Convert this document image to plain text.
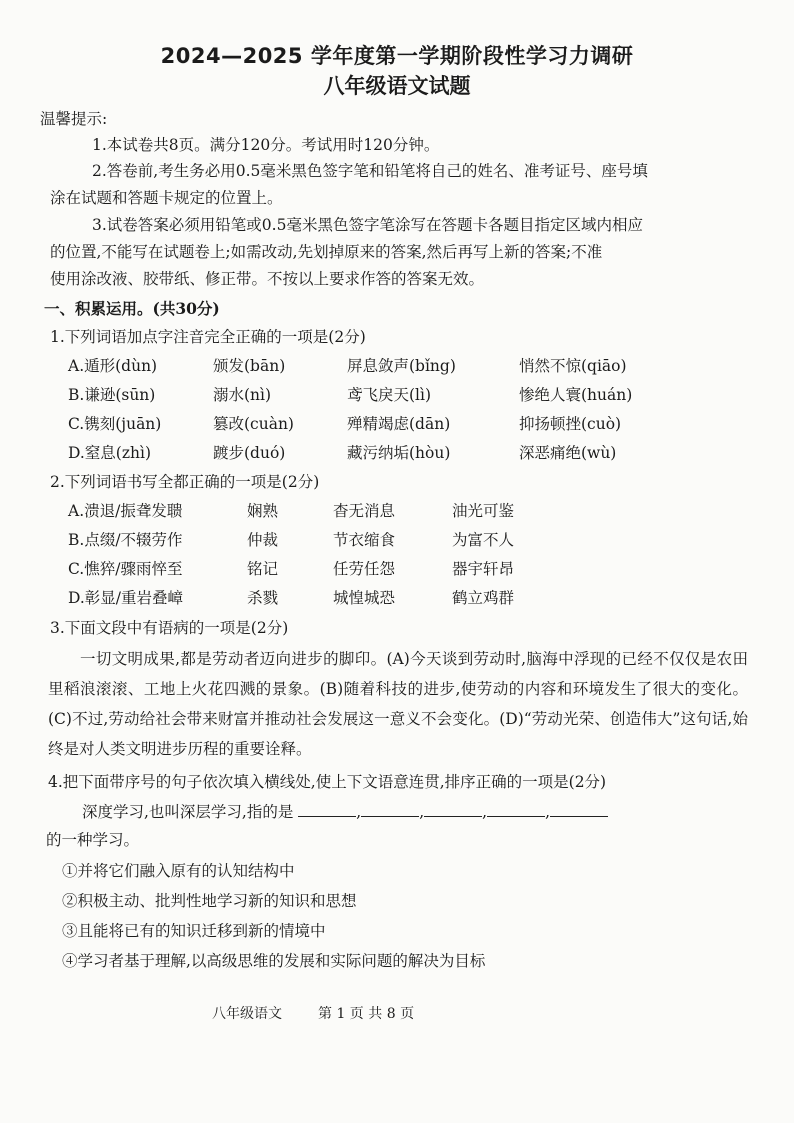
2024—2025 学年度第一学期阶段性学习力调研
八年级语文试题
温馨提示:
1.本试卷共8页。满分120分。考试用时120分钟。
2.答卷前,考生务必用0.5毫米黑色签字笔和铅笔将自己的姓名、准考证号、座号填
涂在试题和答题卡规定的位置上。
3.试卷答案必须用铅笔或0.5毫米黑色签字笔涂写在答题卡各题目指定区域内相应
的位置,不能写在试题卷上;如需改动,先划掉原来的答案,然后再写上新的答案;不准
使用涂改液、胶带纸、修正带。不按以上要求作答的答案无效。
一、积累运用。(共30分)
1.下列词语加点字注音完全正确的一项是(2分)
A.遁形(dùn)	颁发(bān)	屏息敛声(bǐng)	悄然不惊(qiāo)
B.谦逊(sūn)	溺水(nì)	鸢飞戾天(lì)	惨绝人寰(huán)
C.镌刻(juān)	篡改(cuàn)	殚精竭虑(dān)	抑扬顿挫(cuò)
D.窒息(zhì)	踱步(duó)	藏污纳垢(hòu)	深恶痛绝(wù)
2.下列词语书写全都正确的一项是(2分)
A.溃退/振聋发聩	娴熟	杳无消息	油光可鉴
B.点缀/不辍劳作	仲裁	节衣缩食	为富不人
C.憔猝/骤雨悴至	铭记	任劳任怨	器宇轩昂
D.彰显/重岩叠嶂	杀戮	城惶城恐	鹤立鸡群
3.下面文段中有语病的一项是(2分)
一切文明成果,都是劳动者迈向进步的脚印。(A)今天谈到劳动时,脑海中浮现的已经不仅仅是农田里稻浪滚滚、工地上火花四溅的景象。(B)随着科技的进步,使劳动的内容和环境发生了很大的变化。(C)不过,劳动给社会带来财富并推动社会发展这一意义不会变化。(D)“劳动光荣、创造伟大”这句话,始终是对人类文明进步历程的重要诠释。
4.把下面带序号的句子依次填入横线处,使上下文语意连贯,排序正确的一项是(2分)
深度学习,也叫深层学习,指的是	,	,	,	,
的一种学习。
①并将它们融入原有的认知结构中
②积极主动、批判性地学习新的知识和思想
③且能将已有的知识迁移到新的情境中
④学习者基于理解,以高级思维的发展和实际问题的解决为目标
八年级语文	第 1 页 共 8 页
